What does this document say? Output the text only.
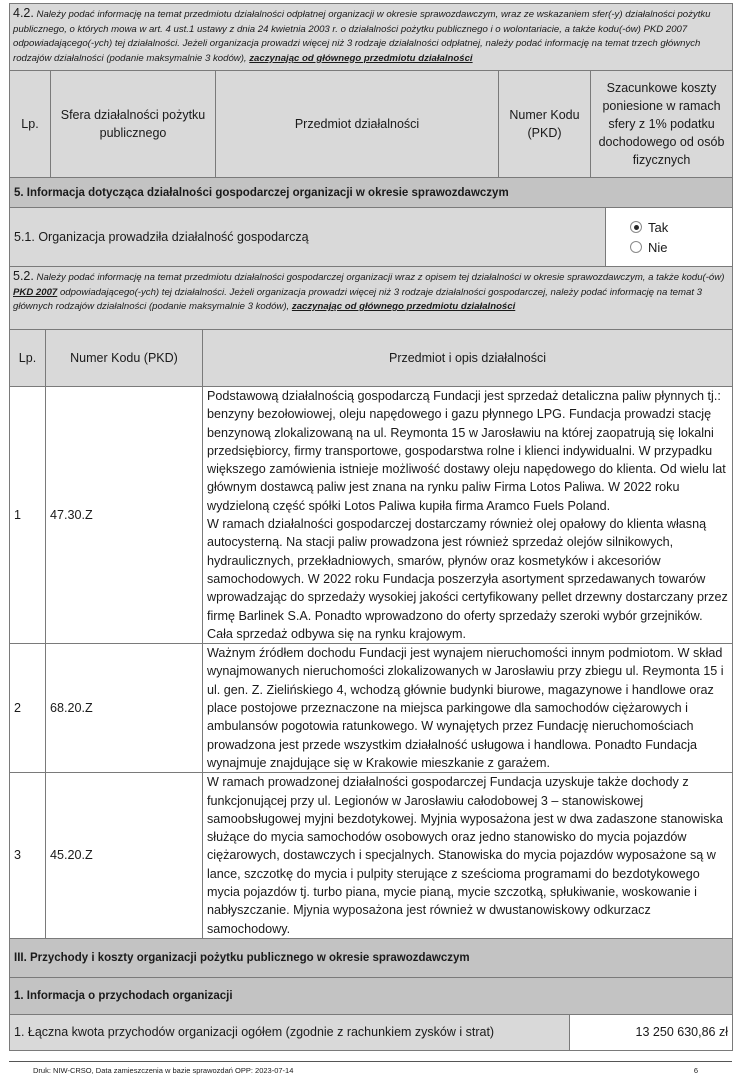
4.2. Należy podać informację na temat przedmiotu działalności odpłatnej organizacji w okresie sprawozdawczym, wraz ze wskazaniem sfer(-y) działalności pożytku publicznego, o których mowa w art. 4 ust.1 ustawy z dnia 24 kwietnia 2003 r. o działalności pożytku publicznego i o wolontariacie, a także kodu(-ów) PKD 2007 odpowiadającego(-ych) tej działalności. Jeżeli organizacja prowadzi więcej niż 3 rodzaje działalności odpłatnej, należy podać informację na temat trzech głównych rodzajów działalności (podanie maksymalnie 3 kodów), zaczynając od głównego przedmiotu działalności
Lp.	Sfera działalności pożytku publicznego	Przedmiot działalności	Numer Kodu (PKD)	Szacunkowe koszty poniesione w ramach sfery z 1% podatku dochodowego od osób fizycznych
5. Informacja dotycząca działalności gospodarczej organizacji w okresie sprawozdawczym
5.1. Organizacja prowadziła działalność gospodarczą	
Tak
Nie
5.2. Należy podać informację na temat przedmiotu działalności gospodarczej organizacji wraz z opisem tej działalności w okresie sprawozdawczym, a także kodu(-ów) PKD 2007 odpowiadającego(-ych) tej działalności. Jeżeli organizacja prowadzi więcej niż 3 rodzaje działalności gospodarczej, należy podać informację na temat 3 głównych rodzajów działalności (podanie maksymalnie 3 kodów), zaczynając od głównego przedmiotu działalności		
Lp.	Numer Kodu (PKD)	Przedmiot i opis działalności
1	47.30.Z	Podstawową działalnością gospodarczą Fundacji jest sprzedaż detaliczna paliw płynnych tj.: benzyny bezołowiowej, oleju napędowego i gazu płynnego LPG. Fundacja prowadzi stację benzynową zlokalizowaną na ul. Reymonta 15 w Jarosławiu na której zaopatrują się lokalni przedsiębiorcy, firmy transportowe, gospodarstwa rolne i klienci indywidualni. W przypadku większego zamówienia istnieje możliwość dostawy oleju napędowego do klienta. Od wielu lat głównym dostawcą paliw jest znana na rynku paliw Firma Lotos Paliwa. W 2022 roku wydzieloną część spółki Lotos Paliwa kupiła firma Aramco Fuels Poland.
W ramach działalności gospodarczej dostarczamy również olej opałowy do klienta własną autocysterną. Na stacji paliw prowadzona jest również sprzedaż olejów silnikowych, hydraulicznych, przekładniowych, smarów, płynów oraz kosmetyków i akcesoriów samochodowych. W 2022 roku Fundacja poszerzyła asortyment sprzedawanych towarów wprowadzając do sprzedaży wysokiej jakości certyfikowany pellet drzewny dostarczany przez firmę Barlinek S.A. Ponadto wprowadzono do oferty sprzedaży szeroki wybór grzejników. Cała sprzedaż odbywa się na rynku krajowym.
2	68.20.Z	Ważnym źródłem dochodu Fundacji jest wynajem nieruchomości innym podmiotom. W skład wynajmowanych nieruchomości zlokalizowanych w Jarosławiu przy zbiegu ul. Reymonta 15 i ul. gen. Z. Zielińskiego 4, wchodzą głównie budynki biurowe, magazynowe i handlowe oraz place postojowe przeznaczone na miejsca parkingowe dla samochodów ciężarowych i ambulansów pogotowia ratunkowego. W wynajętych przez Fundację nieruchomościach prowadzona jest przede wszystkim działalność usługowa i handlowa. Ponadto Fundacja wynajmuje znajdujące się w Krakowie mieszkanie z garażem.
3	45.20.Z	W ramach prowadzonej działalności gospodarczej Fundacja uzyskuje także dochody z funkcjonującej przy ul. Legionów w Jarosławiu całodobowej 3 – stanowiskowej samoobsługowej myjni bezdotykowej. Myjnia wyposażona jest w dwa zadaszone stanowiska służące do mycia samochodów osobowych oraz jedno stanowisko do mycia pojazdów ciężarowych, dostawczych i specjalnych. Stanowiska do mycia pojazdów wyposażone są w lance, szczotkę do mycia i pulpity sterujące z sześcioma programami do bezdotykowego mycia pojazdów tj. turbo piana, mycie pianą, mycie szczotką, spłukiwanie, woskowanie i nabłyszczanie. Mjynia wyposażona jest również w dwustanowiskowy odkurzacz samochodowy.
III. Przychody i koszty organizacji pożytku publicznego w okresie sprawozdawczym
1. Informacja o przychodach organizacji
1. Łączna kwota przychodów organizacji ogółem (zgodnie z rachunkiem zysków i strat)	13 250 630,86 zł
Druk: NIW-CRSO, Data zamieszczenia w bazie sprawozdań OPP: 2023-07-14	6
